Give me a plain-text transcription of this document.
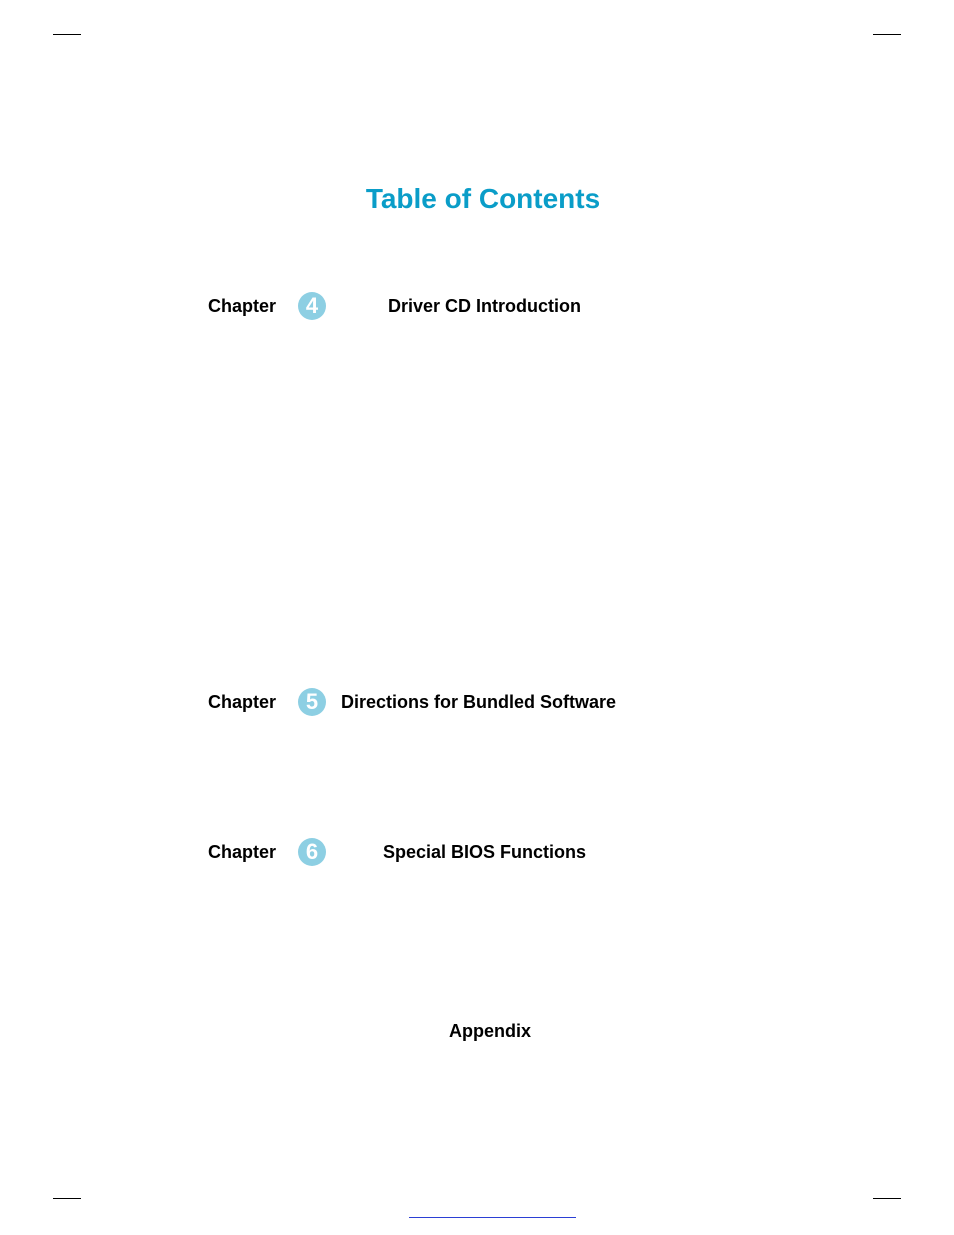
Table of Contents
Chapter	4	Driver CD Introduction
Chapter	5	Directions for Bundled Software
Chapter	6	Special BIOS Functions
Appendix
